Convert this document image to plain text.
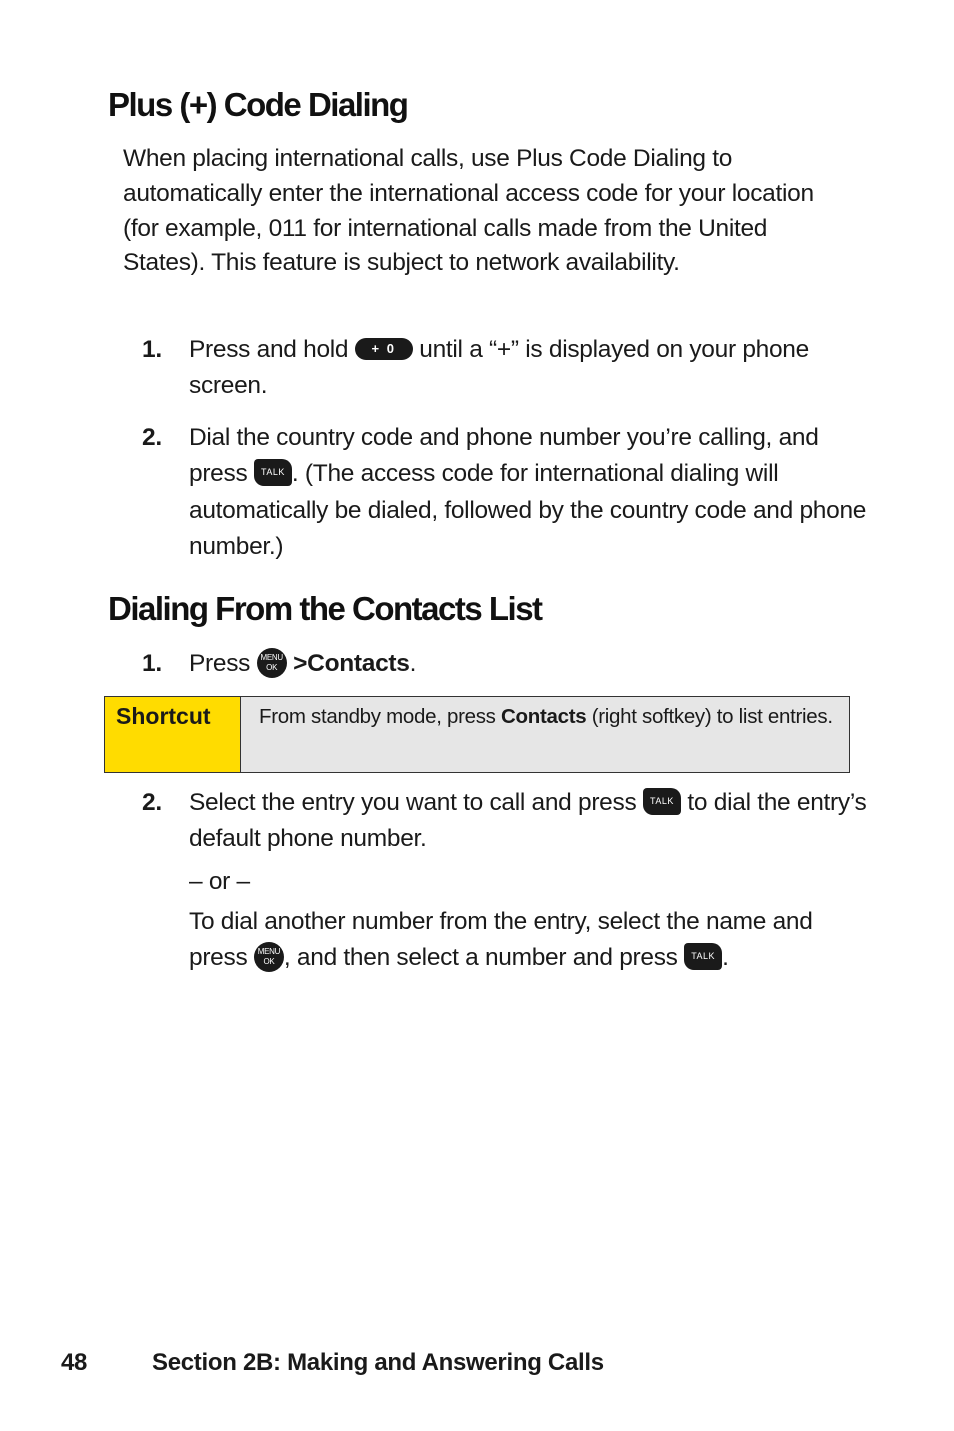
Plus (+) Code Dialing

When placing international calls, use Plus Code Dialing to automatically enter the international access code for your location (for example, 011 for international calls made from the United States). This feature is subject to network availability.

1.	Press and hold + 0 until a “+” is displayed on your phone screen.
2.	Dial the country code and phone number you’re calling, and press TALK . (The access code for international dialing will automatically be dialed, followed by the country code and phone number.)
Dialing From the Contacts List
1.	Press MENU
OK >Contacts.
Shortcut	From standby mode, press Contacts (right softkey) to list entries.
2.	Select the entry you want to call and press TALK to dial the entry’s default phone number.
– or –
To dial another number from the entry, select the name and press MENU
OK , and then select a number and press TALK .
48	Section 2B: Making and Answering Calls
